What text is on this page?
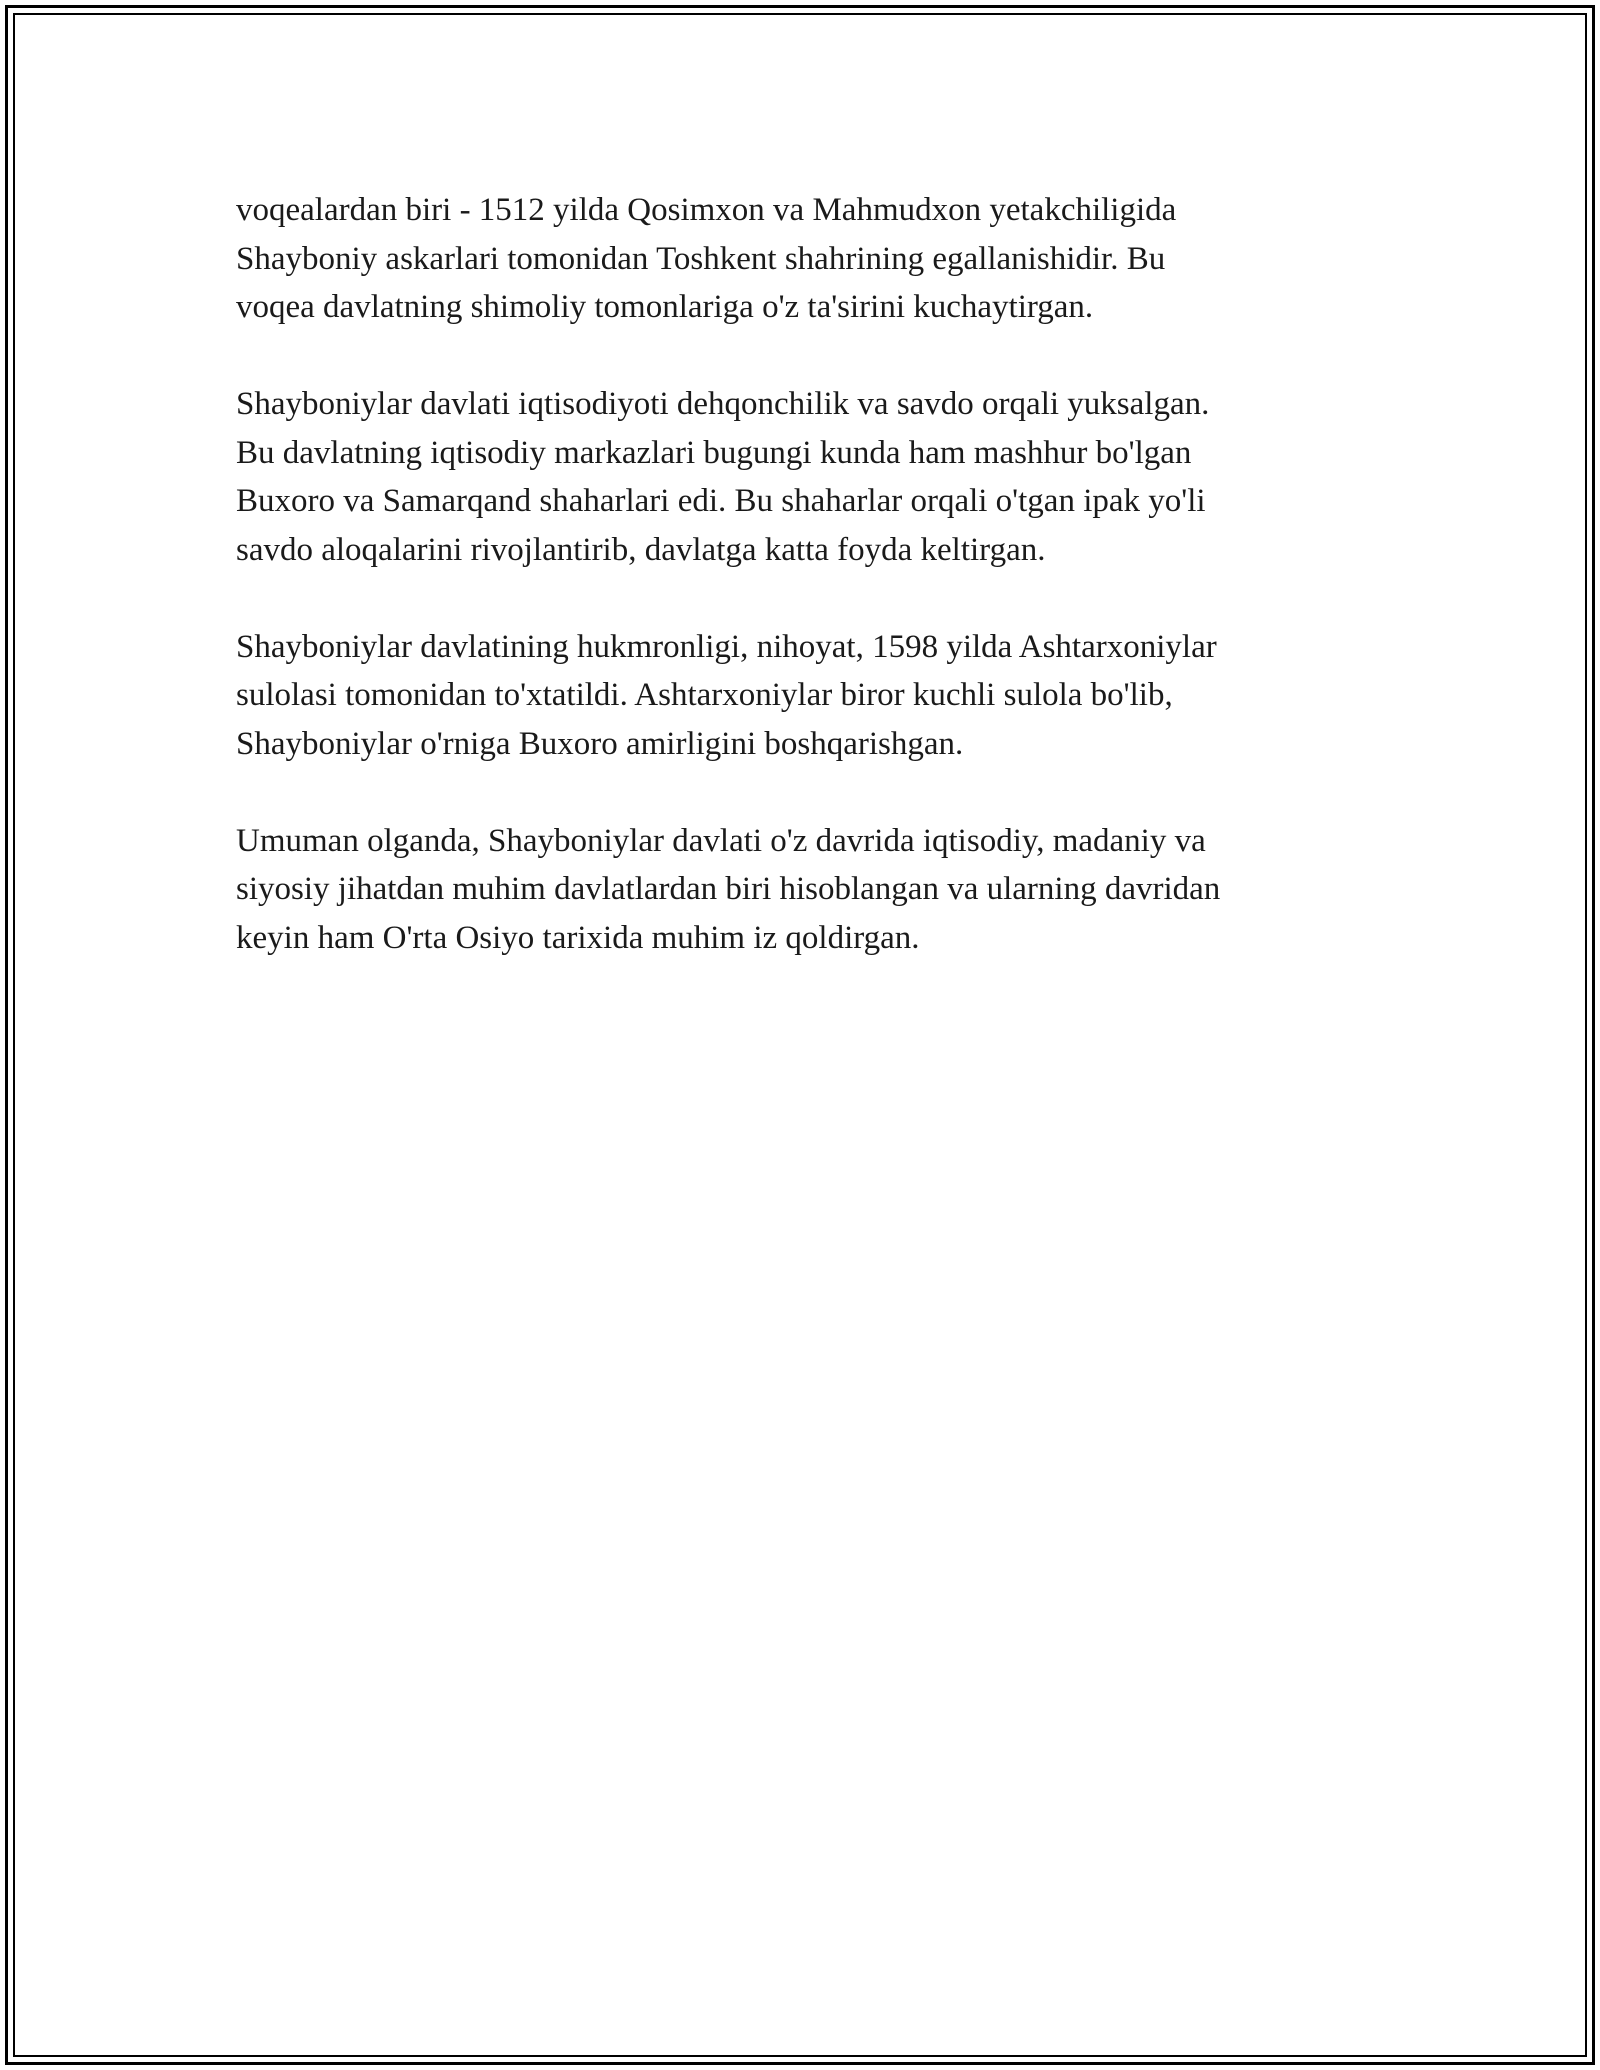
voqealardan biri - 1512 yilda Qosimxon va Mahmudxon yetakchiligida
Shayboniy askarlari tomonidan Toshkent shahrining egallanishidir. Bu
voqea davlatning shimoliy tomonlariga o'z ta'sirini kuchaytirgan.

Shayboniylar davlati iqtisodiyoti dehqonchilik va savdo orqali yuksalgan.
Bu davlatning iqtisodiy markazlari bugungi kunda ham mashhur bo'lgan
Buxoro va Samarqand shaharlari edi. Bu shaharlar orqali o'tgan ipak yo'li
savdo aloqalarini rivojlantirib, davlatga katta foyda keltirgan.

Shayboniylar davlatining hukmronligi, nihoyat, 1598 yilda Ashtarxoniylar
sulolasi tomonidan to'xtatildi. Ashtarxoniylar biror kuchli sulola bo'lib,
Shayboniylar o'rniga Buxoro amirligini boshqarishgan.

Umuman olganda, Shayboniylar davlati o'z davrida iqtisodiy, madaniy va
siyosiy jihatdan muhim davlatlardan biri hisoblangan va ularning davridan
keyin ham O'rta Osiyo tarixida muhim iz qoldirgan.
